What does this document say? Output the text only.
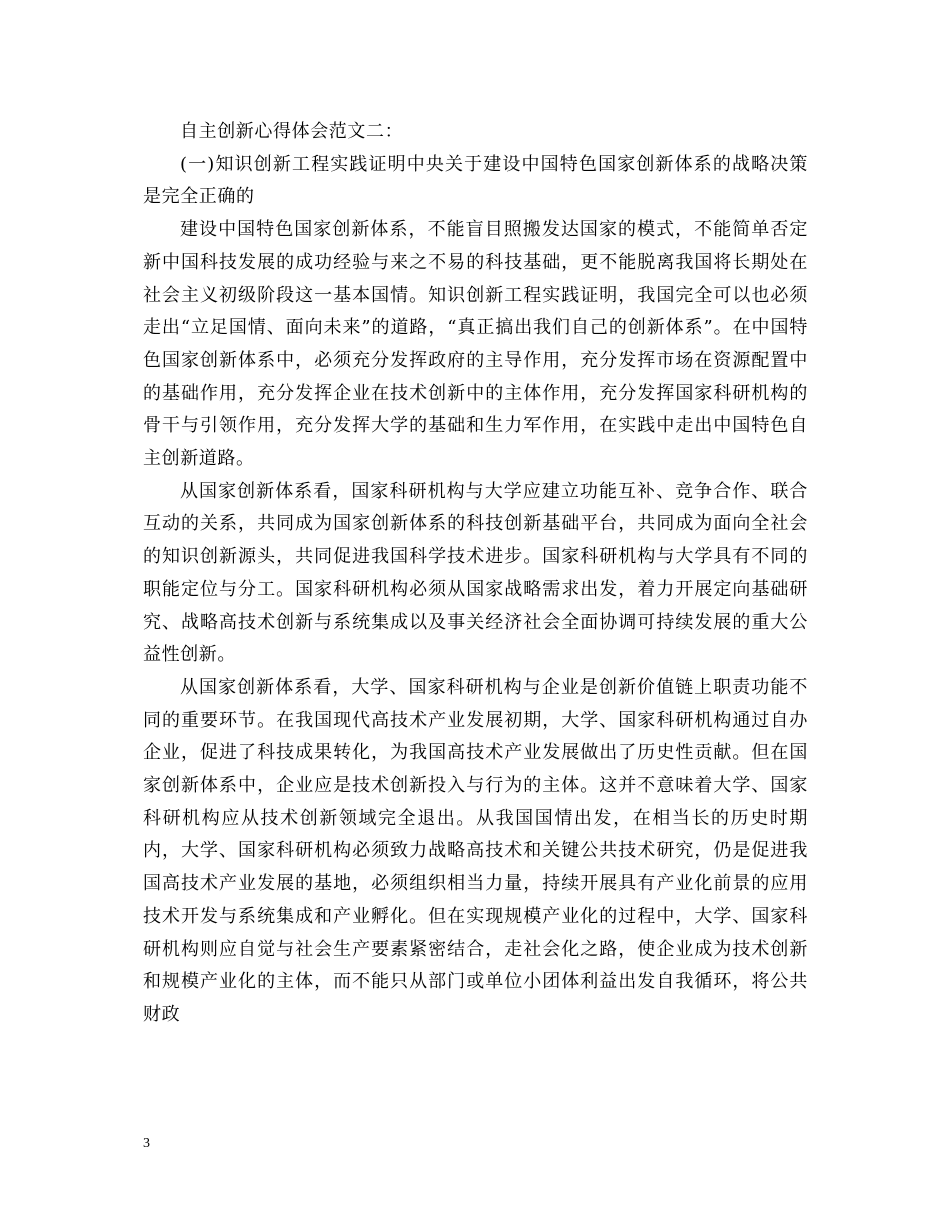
自主创新心得体会范文二：

(一)知识创新工程实践证明中央关于建设中国特色国家创新体系的战略决策是完全正确的

建设中国特色国家创新体系，不能盲目照搬发达国家的模式，不能简单否定新中国科技发展的成功经验与来之不易的科技基础，更不能脱离我国将长期处在社会主义初级阶段这一基本国情。知识创新工程实践证明，我国完全可以也必须走出“立足国情、面向未来”的道路，“真正搞出我们自己的创新体系”。在中国特色国家创新体系中，必须充分发挥政府的主导作用，充分发挥市场在资源配置中的基础作用，充分发挥企业在技术创新中的主体作用，充分发挥国家科研机构的骨干与引领作用，充分发挥大学的基础和生力军作用，在实践中走出中国特色自主创新道路。

从国家创新体系看，国家科研机构与大学应建立功能互补、竞争合作、联合互动的关系，共同成为国家创新体系的科技创新基础平台，共同成为面向全社会的知识创新源头，共同促进我国科学技术进步。国家科研机构与大学具有不同的职能定位与分工。国家科研机构必须从国家战略需求出发，着力开展定向基础研究、战略高技术创新与系统集成以及事关经济社会全面协调可持续发展的重大公益性创新。

从国家创新体系看，大学、国家科研机构与企业是创新价值链上职责功能不同的重要环节。在我国现代高技术产业发展初期，大学、国家科研机构通过自办企业，促进了科技成果转化，为我国高技术产业发展做出了历史性贡献。但在国家创新体系中，企业应是技术创新投入与行为的主体。这并不意味着大学、国家科研机构应从技术创新领域完全退出。从我国国情出发，在相当长的历史时期内，大学、国家科研机构必须致力战略高技术和关键公共技术研究，仍是促进我国高技术产业发展的基地，必须组织相当力量，持续开展具有产业化前景的应用技术开发与系统集成和产业孵化。但在实现规模产业化的过程中，大学、国家科研机构则应自觉与社会生产要素紧密结合，走社会化之路，使企业成为技术创新和规模产业化的主体，而不能只从部门或单位小团体利益出发自我循环，将公共财政

3
